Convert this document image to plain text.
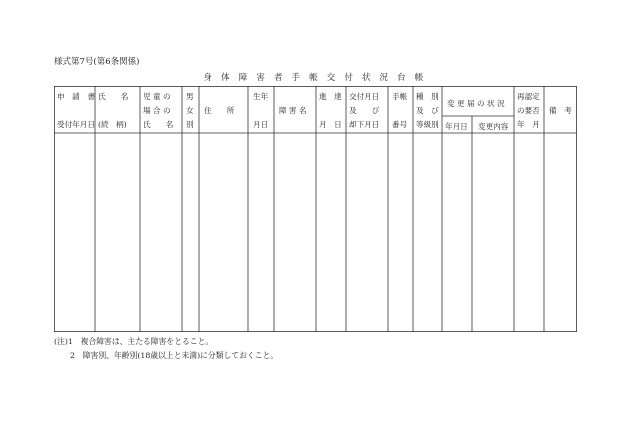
様式第7号(第6条関係)
身 体 障 害 者 手 帳 交 付 状 況 台 帳
申　請　書
受付年月日
氏　　名
(続　柄)
児 童 の
場 合 の
氏　　名
男
女
別
住　　所
生年
月日
障 害 名
進　達
月　日
交付月日
及　　び
却下月日
手帳
番号
種　別
及　び
等級別
変 更 届 の 状 況
年月日 変更内容
再認定
の要否
年　月
備　考
(注)1　複合障害は、主たる障害をとること。
2　障害別、年齢別(18歳以上と未満)に分類しておくこと。
